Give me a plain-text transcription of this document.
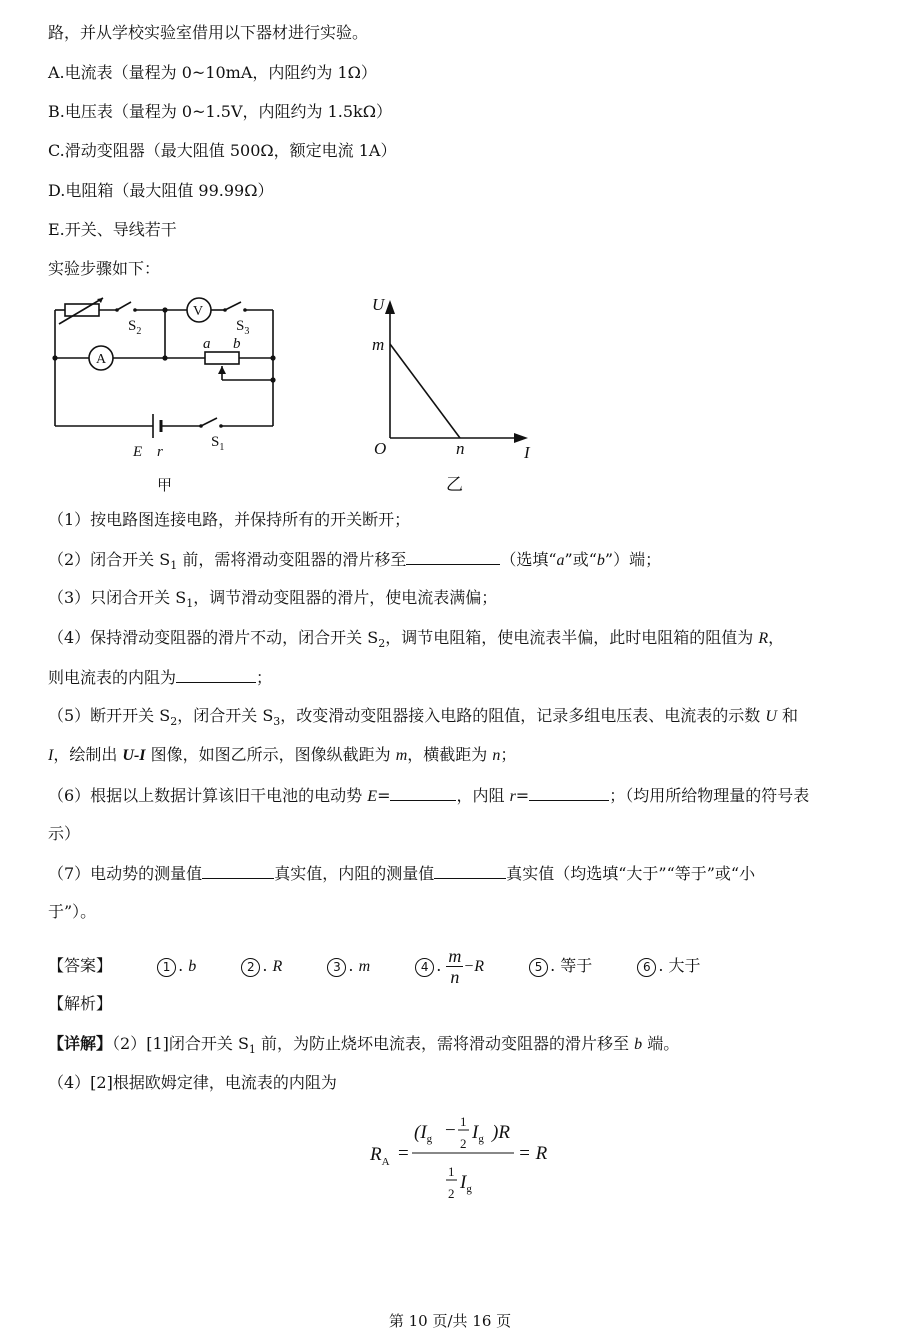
路，并从学校实验室借用以下器材进行实验。
A.电流表（量程为 0~10mA，内阻约为 1Ω）
B.电压表（量程为 0~1.5V，内阻约为 1.5kΩ）
C.滑动变阻器（最大阻值 500Ω，额定电流 1A）
D.电阻箱（最大阻值 99.99Ω）
E.开关、导线若干
实验步骤如下：
$S_2$
V
$S_3$
A
a b
E r
$S_1$
甲
U
I
O
m
n
乙
（1）按电路图连接电路，并保持所有的开关断开；
（2）闭合开关 $S_1$ 前，需将滑动变阻器的滑片移至	（选填“a”或“b”）端；
（3）只闭合开关 $S_1$，调节滑动变阻器的滑片，使电流表满偏；
（4）保持滑动变阻器的滑片不动，闭合开关 $S_2$，调节电阻箱，使电流表半偏，此时电阻箱的阻值为 R，
则电流表的内阻为	；
（5）断开开关 $S_2$，闭合开关 $S_3$，改变滑动变阻器接入电路的阻值，记录多组电压表、电流表的示数 U 和
I，绘制出 U-I 图像，如图乙所示，图像纵截距为 m，横截距为 n；
（6）根据以上数据计算该旧干电池的电动势 E=	，内阻 r=	；（均用所给物理量的符号表
示）
（7）电动势的测量值	真实值，内阻的测量值	真实值（均选填“大于”“等于”或“小
于”）。
【答案】	1 . b	2 . R	3 . m	4 . $\frac{m}{n} -R$	5 . 等于	6 . 大于
【解析】
【详解】（2）[1]闭合开关 $S_1$ 前，为防止烧坏电流表，需将滑动变阻器的滑片移至 b 端。
（4）[2]根据欧姆定律，电流表的内阻为
$R_A$ =
($I_g - 1$
2
$I_g$ )R
1
2
$I_g$
= R
第 10 页/共 16 页
